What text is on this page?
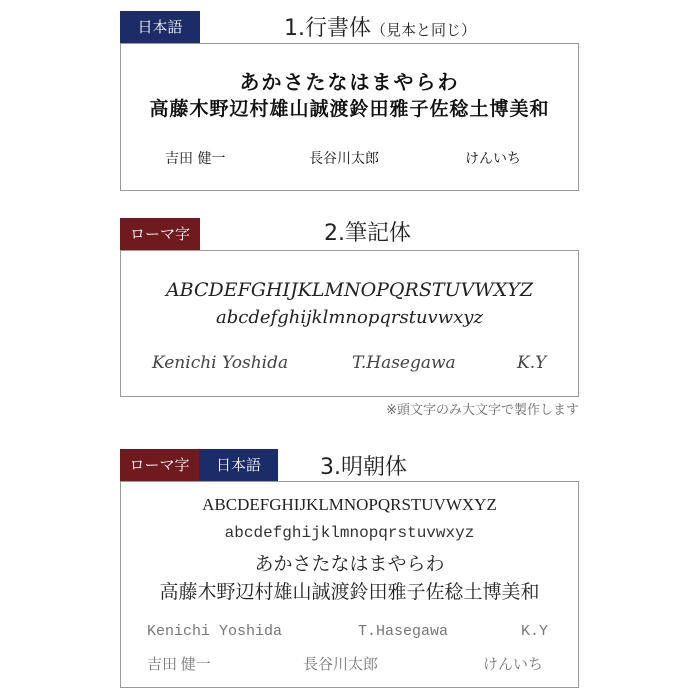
日本語	1.行書体（見本と同じ）
あかさたなはまやらわ
高藤木野辺村雄山誠渡鈴田雅子佐稔土博美和
吉田 健一	長谷川太郎	けんいち
ローマ字	2.筆記体
ABCDEFGHIJKLMNOPQRSTUVWXYZ
abcdefghijklmnopqrstuvwxyz
Kenichi Yoshida	T.Hasegawa	K.Y
※頭文字のみ大文字で製作します
ローマ字	日本語	3.明朝体
ABCDEFGHIJKLMNOPQRSTUVWXYZ
abcdefghijklmnopqrstuvwxyz
あかさたなはまやらわ
高藤木野辺村雄山誠渡鈴田雅子佐稔土博美和
Kenichi Yoshida	T.Hasegawa	K.Y
吉田 健一	長谷川太郎	けんいち
